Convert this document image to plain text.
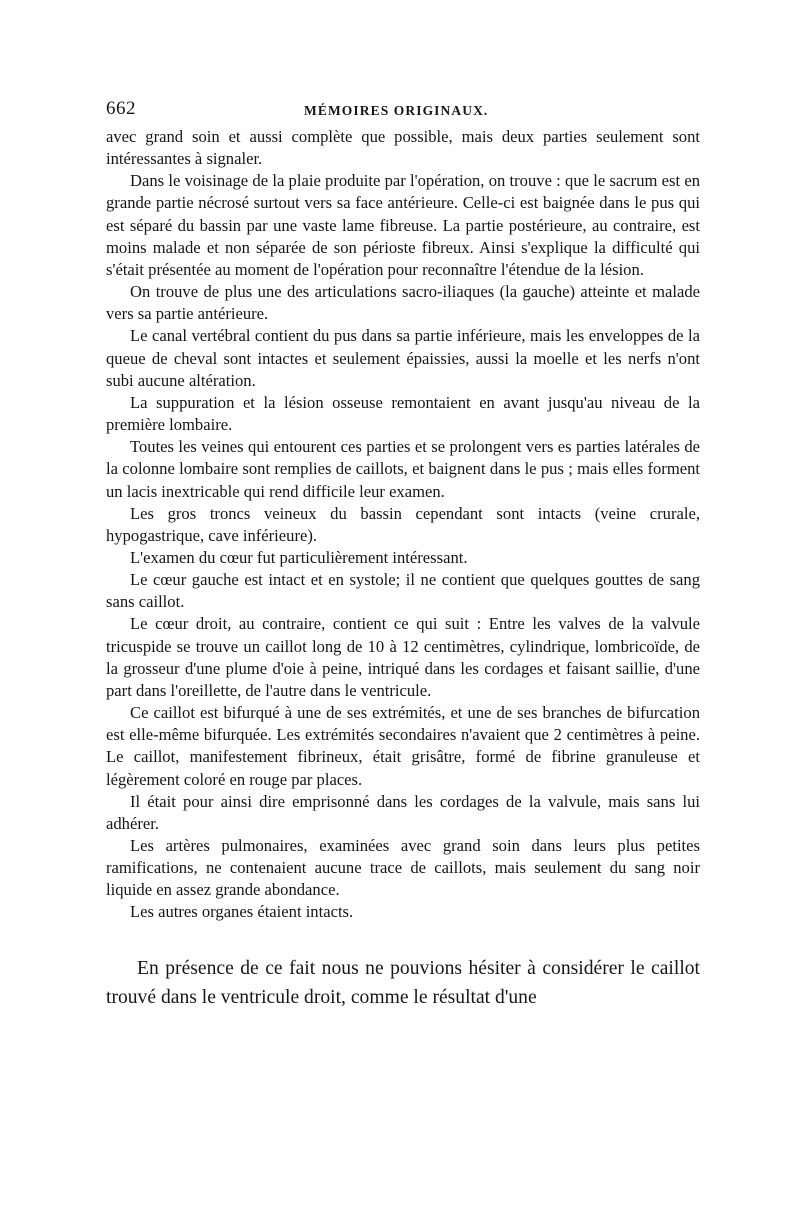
662	MÉMOIRES ORIGINAUX.

avec grand soin et aussi complète que possible, mais deux parties seulement sont intéressantes à signaler.

Dans le voisinage de la plaie produite par l'opération, on trouve : que le sacrum est en grande partie nécrosé surtout vers sa face antérieure. Celle-ci est baignée dans le pus qui est séparé du bassin par une vaste lame fibreuse. La partie postérieure, au contraire, est moins malade et non séparée de son périoste fibreux. Ainsi s'explique la difficulté qui s'était présentée au moment de l'opération pour reconnaître l'étendue de la lésion.

On trouve de plus une des articulations sacro-iliaques (la gauche) atteinte et malade vers sa partie antérieure.

Le canal vertébral contient du pus dans sa partie inférieure, mais les enveloppes de la queue de cheval sont intactes et seulement épaissies, aussi la moelle et les nerfs n'ont subi aucune altération.

La suppuration et la lésion osseuse remontaient en avant jusqu'au niveau de la première lombaire.

Toutes les veines qui entourent ces parties et se prolongent vers es parties latérales de la colonne lombaire sont remplies de caillots, et baignent dans le pus ; mais elles forment un lacis inextricable qui rend difficile leur examen.

Les gros troncs veineux du bassin cependant sont intacts (veine crurale, hypogastrique, cave inférieure).

L'examen du cœur fut particulièrement intéressant.

Le cœur gauche est intact et en systole; il ne contient que quelques gouttes de sang sans caillot.

Le cœur droit, au contraire, contient ce qui suit : Entre les valves de la valvule tricuspide se trouve un caillot long de 10 à 12 centimètres, cylindrique, lombricoïde, de la grosseur d'une plume d'oie à peine, intriqué dans les cordages et faisant saillie, d'une part dans l'oreillette, de l'autre dans le ventricule.

Ce caillot est bifurqué à une de ses extrémités, et une de ses branches de bifurcation est elle-même bifurquée. Les extrémités secondaires n'avaient que 2 centimètres à peine. Le caillot, manifestement fibrineux, était grisâtre, formé de fibrine granuleuse et légèrement coloré en rouge par places.

Il était pour ainsi dire emprisonné dans les cordages de la valvule, mais sans lui adhérer.

Les artères pulmonaires, examinées avec grand soin dans leurs plus petites ramifications, ne contenaient aucune trace de caillots, mais seulement du sang noir liquide en assez grande abondance.

Les autres organes étaient intacts.

En présence de ce fait nous ne pouvions hésiter à considérer le caillot trouvé dans le ventricule droit, comme le résultat d'une
